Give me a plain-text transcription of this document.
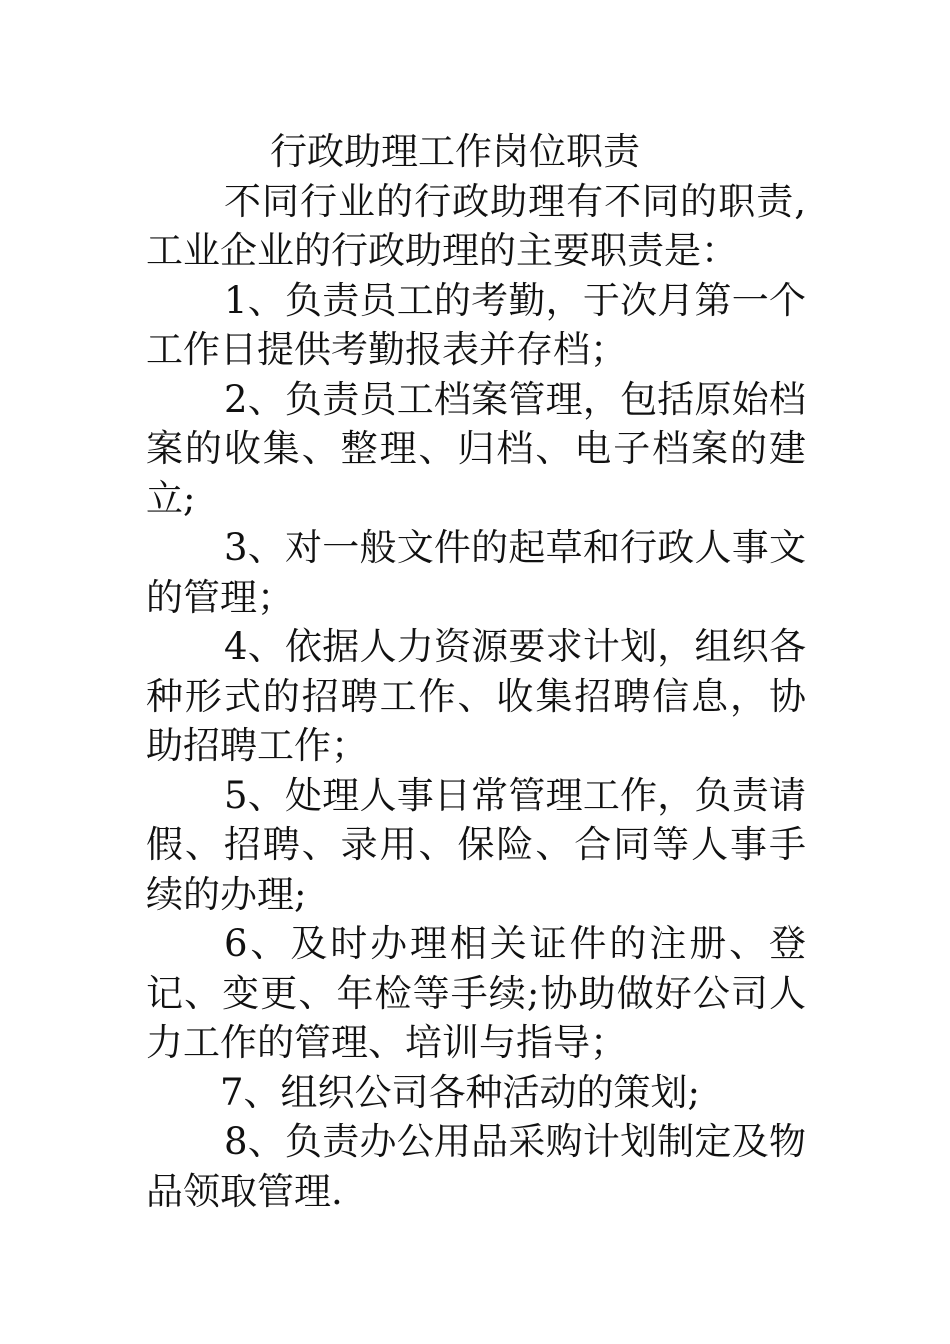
行政助理工作岗位职责

不同行业的行政助理有不同的职责,工业企业的行政助理的主要职责是：

1、负责员工的考勤，于次月第一个工作日提供考勤报表并存档；

2、负责员工档案管理，包括原始档案的收集、整理、归档、电子档案的建立;

3、对一般文件的起草和行政人事文的管理；

4、依据人力资源要求计划，组织各种形式的招聘工作、收集招聘信息，协助招聘工作；

5、处理人事日常管理工作，负责请假、招聘、录用、保险、合同等人事手续的办理;

6、及时办理相关证件的注册、登记、变更、年检等手续;协助做好公司人力工作的管理、培训与指导；

7、组织公司各种活动的策划;

8、负责办公用品采购计划制定及物品领取管理.
